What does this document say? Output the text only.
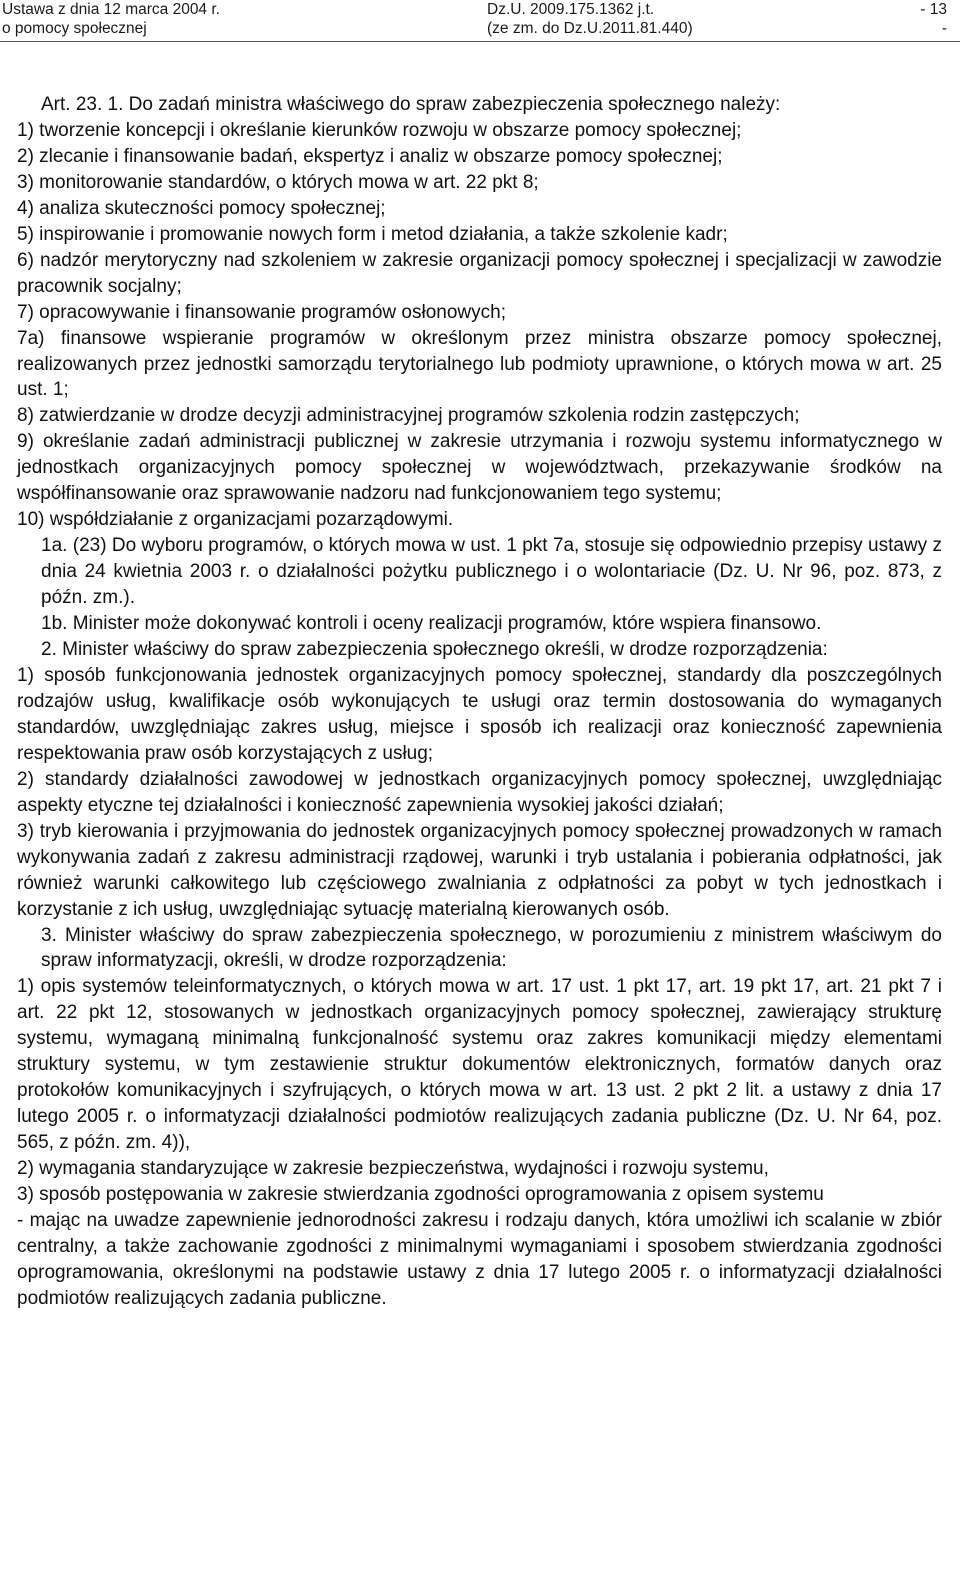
Ustawa z dnia 12 marca 2004 r.
o pomocy społecznej
Dz.U. 2009.175.1362 j.t.
(ze zm. do Dz.U.2011.81.440)
- 13
-

Art. 23. 1. Do zadań ministra właściwego do spraw zabezpieczenia społecznego należy:

1) tworzenie koncepcji i określanie kierunków rozwoju w obszarze pomocy społecznej;

2) zlecanie i finansowanie badań, ekspertyz i analiz w obszarze pomocy społecznej;

3) monitorowanie standardów, o których mowa w art. 22 pkt 8;

4) analiza skuteczności pomocy społecznej;

5) inspirowanie i promowanie nowych form i metod działania, a także szkolenie kadr;

6) nadzór merytoryczny nad szkoleniem w zakresie organizacji pomocy społecznej i specjalizacji w zawodzie pracownik socjalny;

7) opracowywanie i finansowanie programów osłonowych;

7a) finansowe wspieranie programów w określonym przez ministra obszarze pomocy społecznej, realizowanych przez jednostki samorządu terytorialnego lub podmioty uprawnione, o których mowa w art. 25 ust. 1;

8) zatwierdzanie w drodze decyzji administracyjnej programów szkolenia rodzin zastępczych;

9) określanie zadań administracji publicznej w zakresie utrzymania i rozwoju systemu informatycznego w jednostkach organizacyjnych pomocy społecznej w województwach, przekazywanie środków na współfinansowanie oraz sprawowanie nadzoru nad funkcjonowaniem tego systemu;

10) współdziałanie z organizacjami pozarządowymi.

1a. (23) Do wyboru programów, o których mowa w ust. 1 pkt 7a, stosuje się odpowiednio przepisy ustawy z dnia 24 kwietnia 2003 r. o działalności pożytku publicznego i o wolontariacie (Dz. U. Nr 96, poz. 873, z późn. zm.).

1b. Minister może dokonywać kontroli i oceny realizacji programów, które wspiera finansowo.

2. Minister właściwy do spraw zabezpieczenia społecznego określi, w drodze rozporządzenia:

1) sposób funkcjonowania jednostek organizacyjnych pomocy społecznej, standardy dla poszczególnych rodzajów usług, kwalifikacje osób wykonujących te usługi oraz termin dostosowania do wymaganych standardów, uwzględniając zakres usług, miejsce i sposób ich realizacji oraz konieczność zapewnienia respektowania praw osób korzystających z usług;

2) standardy działalności zawodowej w jednostkach organizacyjnych pomocy społecznej, uwzględniając aspekty etyczne tej działalności i konieczność zapewnienia wysokiej jakości działań;

3) tryb kierowania i przyjmowania do jednostek organizacyjnych pomocy społecznej prowadzonych w ramach wykonywania zadań z zakresu administracji rządowej, warunki i tryb ustalania i pobierania odpłatności, jak również warunki całkowitego lub częściowego zwalniania z odpłatności za pobyt w tych jednostkach i korzystanie z ich usług, uwzględniając sytuację materialną kierowanych osób.

3. Minister właściwy do spraw zabezpieczenia społecznego, w porozumieniu z ministrem właściwym do spraw informatyzacji, określi, w drodze rozporządzenia:

1) opis systemów teleinformatycznych, o których mowa w art. 17 ust. 1 pkt 17, art. 19 pkt 17, art. 21 pkt 7 i art. 22 pkt 12, stosowanych w jednostkach organizacyjnych pomocy społecznej, zawierający strukturę systemu, wymaganą minimalną funkcjonalność systemu oraz zakres komunikacji między elementami struktury systemu, w tym zestawienie struktur dokumentów elektronicznych, formatów danych oraz protokołów komunikacyjnych i szyfrujących, o których mowa w art. 13 ust. 2 pkt 2 lit. a ustawy z dnia 17 lutego 2005 r. o informatyzacji działalności podmiotów realizujących zadania publiczne (Dz. U. Nr 64, poz. 565, z późn. zm. 4)),

2) wymagania standaryzujące w zakresie bezpieczeństwa, wydajności i rozwoju systemu,

3) sposób postępowania w zakresie stwierdzania zgodności oprogramowania z opisem systemu

- mając na uwadze zapewnienie jednorodności zakresu i rodzaju danych, która umożliwi ich scalanie w zbiór centralny, a także zachowanie zgodności z minimalnymi wymaganiami i sposobem stwierdzania zgodności oprogramowania, określonymi na podstawie ustawy z dnia 17 lutego 2005 r. o informatyzacji działalności podmiotów realizujących zadania publiczne.
